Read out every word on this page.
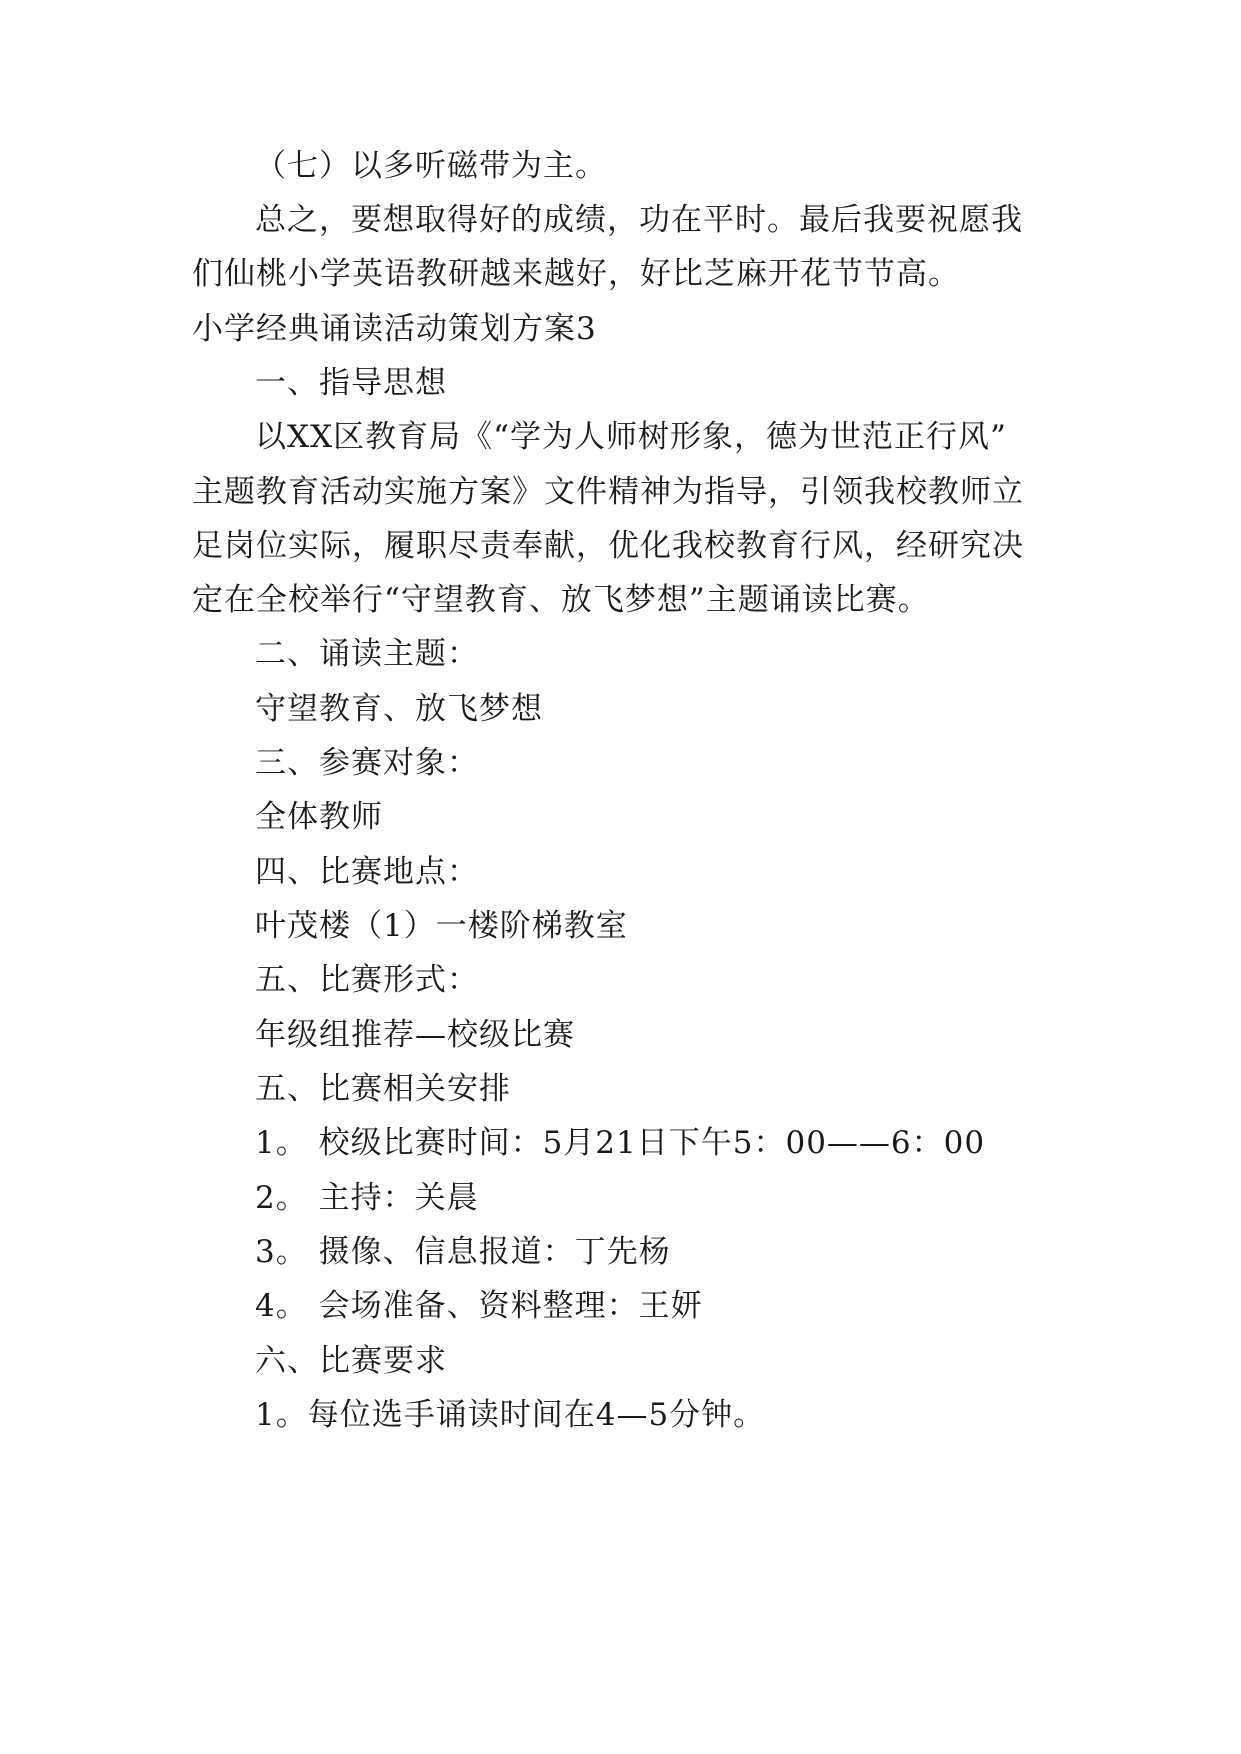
（七）以多听磁带为主。
总之，要想取得好的成绩，功在平时。最后我要祝愿我
们仙桃小学英语教研越来越好，好比芝麻开花节节高。
小学经典诵读活动策划方案3
一、指导思想
以XX区教育局《“学为人师树形象，德为世范正行风”
主题教育活动实施方案》文件精神为指导，引领我校教师立
足岗位实际，履职尽责奉献，优化我校教育行风，经研究决
定在全校举行“守望教育、放飞梦想”主题诵读比赛。
二、诵读主题：
守望教育、放飞梦想
三、参赛对象：
全体教师
四、比赛地点：
叶茂楼（1）一楼阶梯教室
五、比赛形式：
年级组推荐—校级比赛
五、比赛相关安排
1。 校级比赛时间：5月21日下午5：00——6：00
2。 主持：关晨
3。 摄像、信息报道：丁先杨
4。 会场准备、资料整理：王妍
六、比赛要求
1。每位选手诵读时间在4—5分钟。
